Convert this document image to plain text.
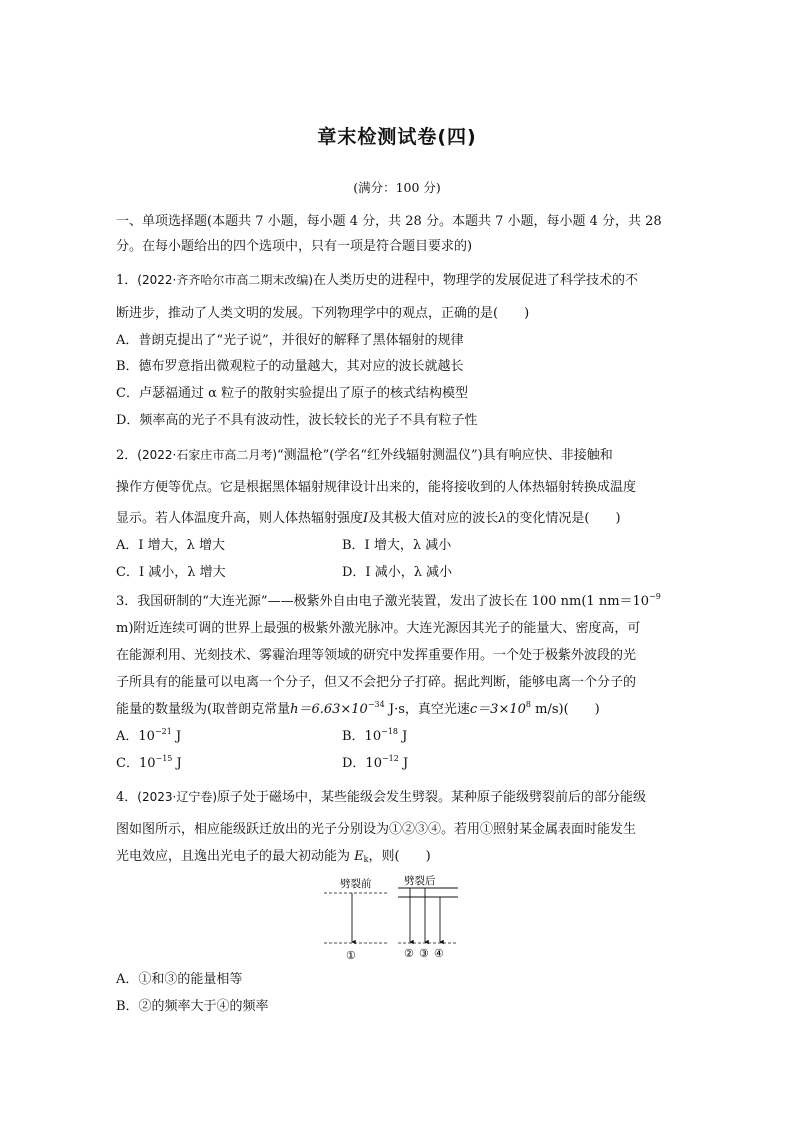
章末检测试卷(四)
(满分：100 分)
一、单项选择题(本题共 7 小题，每小题 4 分，共 28 分。本题共 7 小题，每小题 4 分，共 28
分。在每小题给出的四个选项中，只有一项是符合题目要求的)
1．(2022·齐齐哈尔市高二期末改编)在人类历史的进程中，物理学的发展促进了科学技术的不
断进步，推动了人类文明的发展。下列物理学中的观点，正确的是(　　)
A．普朗克提出了“光子说”，并很好的解释了黑体辐射的规律
B．德布罗意指出微观粒子的动量越大，其对应的波长就越长
C．卢瑟福通过 α 粒子的散射实验提出了原子的核式结构模型
D．频率高的光子不具有波动性，波长较长的光子不具有粒子性
2．(2022·石家庄市高二月考)“测温枪”(学名“红外线辐射测温仪”)具有响应快、非接触和
操作方便等优点。它是根据黑体辐射规律设计出来的，能将接收到的人体热辐射转换成温度
显示。若人体温度升高，则人体热辐射强度I及其极大值对应的波长λ的变化情况是(　　)
A．I 增大，λ 增大	B．I 增大，λ 减小
C．I 减小，λ 增大	D．I 减小，λ 减小
3．我国研制的“大连光源”——极紫外自由电子激光装置，发出了波长在 100 nm(1 $nm=10^{-9}$
m)附近连续可调的世界上最强的极紫外激光脉冲。大连光源因其光子的能量大、密度高，可
在能源利用、光刻技术、雾霾治理等领域的研究中发挥重要作用。一个处于极紫外波段的光
子所具有的能量可以电离一个分子，但又不会把分子打碎。据此判断，能够电离一个分子的
能量的数量级为(取普朗克常量$h=6.63\times 10^{-34}$ J·s，真空光速$c=3\times 10^8$ m/s)(　　)
A．$10^{-21}$ J	B．$10^{-18}$ J
C．$10^{-15}$ J	D．$10^{-12}$ J
4．(2023·辽宁卷)原子处于磁场中，某些能级会发生劈裂。某种原子能级劈裂前后的部分能级
图如图所示，相应能级跃迁放出的光子分别设为①②③④。若用①照射某金属表面时能发生
光电效应，且逸出光电子的最大初动能为 $E_k$，则(　　)
劈裂前	劈裂后
①	② ③ ④
A．①和③的能量相等
B．②的频率大于④的频率
